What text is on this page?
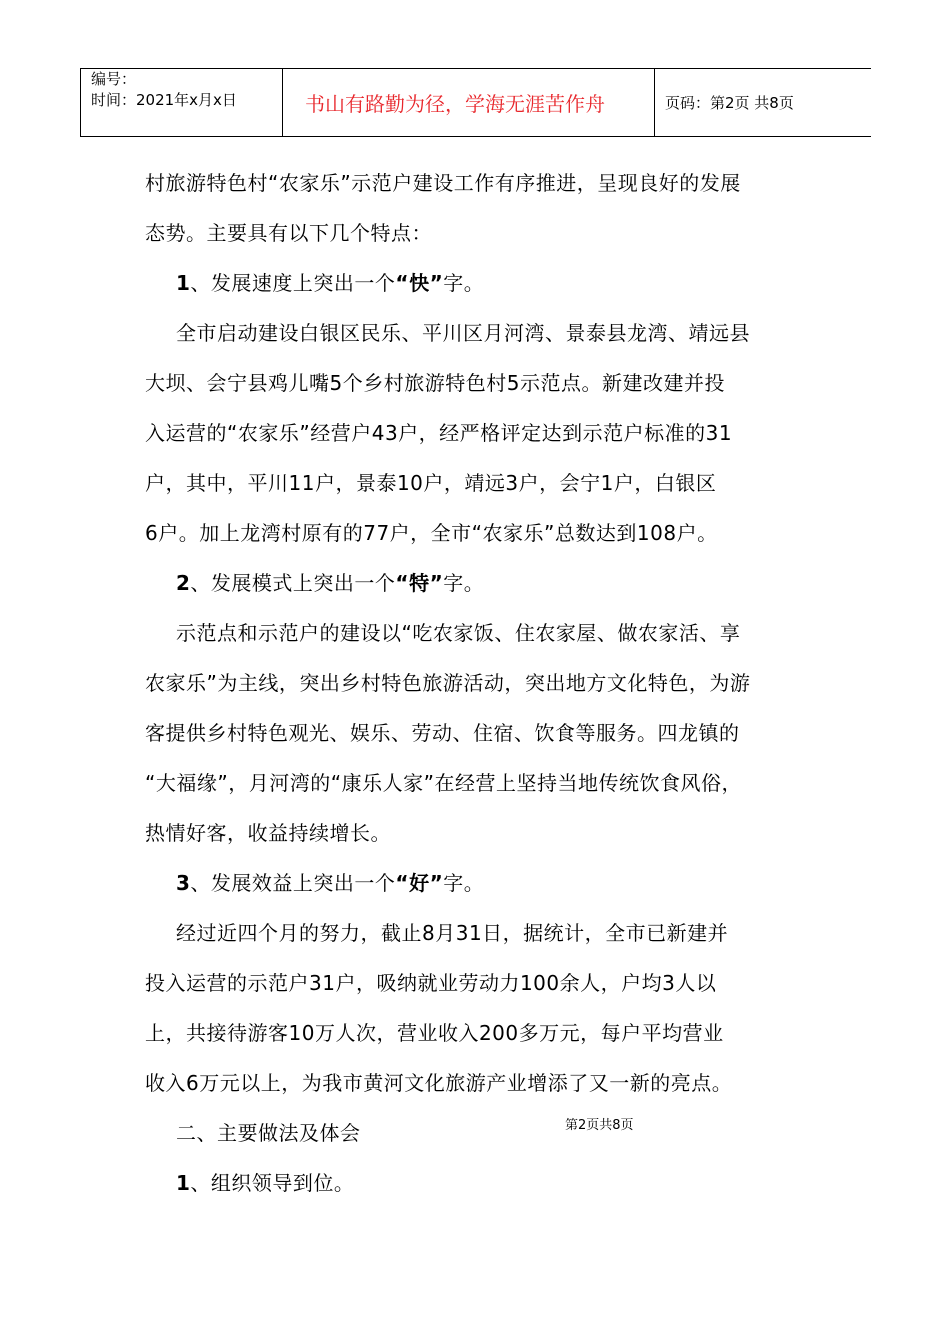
编号：
时间：2021年x月x日	书山有路勤为径，学海无涯苦作舟	页码：第2页 共8页

村旅游特色村“农家乐”示范户建设工作有序推进，呈现良好的发展

态势。主要具有以下几个特点：

1、发展速度上突出一个“快”字。

全市启动建设白银区民乐、平川区月河湾、景泰县龙湾、靖远县

大坝、会宁县鸡儿嘴5个乡村旅游特色村5示范点。新建改建并投

入运营的“农家乐”经营户43户，经严格评定达到示范户标准的31

户，其中，平川11户，景泰10户，靖远3户，会宁1户，白银区

6户。加上龙湾村原有的77户，全市“农家乐”总数达到108户。

2、发展模式上突出一个“特”字。

示范点和示范户的建设以“吃农家饭、住农家屋、做农家活、享

农家乐”为主线，突出乡村特色旅游活动，突出地方文化特色，为游

客提供乡村特色观光、娱乐、劳动、住宿、饮食等服务。四龙镇的

“大福缘”，月河湾的“康乐人家”在经营上坚持当地传统饮食风俗，

热情好客，收益持续增长。

3、发展效益上突出一个“好”字。

经过近四个月的努力，截止8月31日，据统计，全市已新建并

投入运营的示范户31户，吸纳就业劳动力100余人，户均3人以

上，共接待游客10万人次，营业收入200多万元，每户平均营业

收入6万元以上，为我市黄河文化旅游产业增添了又一新的亮点。

二、主要做法及体会

1、组织领导到位。

第2页共8页
